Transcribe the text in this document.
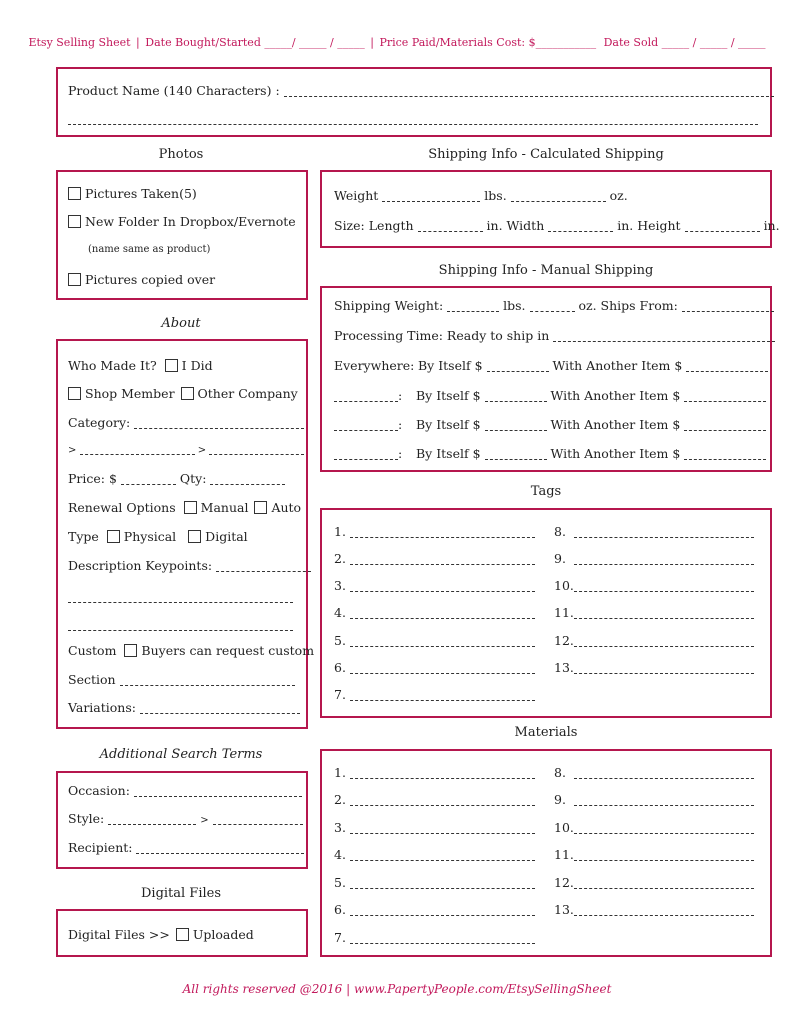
Etsy Selling Sheet | Date Bought/Started _____/ _____ / _____ | Price Paid/Materials Cost: $___________ Date Sold _____ / _____ / _____
Product Name (140 Characters) :
Photos
Pictures Taken(5)
New Folder In Dropbox/Evernote
(name same as product)
Pictures copied over
About
Who Made It? I Did
Shop Member Other Company
Category:
>	>
Price: $	Qty:
Renewal Options Manual Auto
Type Physical Digital
Description Keypoints:
Custom Buyers can request custom
Section
Variations:
Additional Search Terms
Occasion:
Style:	>
Recipient:
Digital Files
Digital Files >> Uploaded
Shipping Info - Calculated Shipping
Weight	lbs.	oz.
Size: Length	in. Width	in. Height	in.
Shipping Info - Manual Shipping
Shipping Weight:	lbs.	oz. Ships From:
Processing Time: Ready to ship in
Everywhere: By Itself $	With Another Item $
: By Itself $	With Another Item $
: By Itself $	With Another Item $
: By Itself $	With Another Item $
Tags
1.
2.
3.
4.
5.
6.
7.
8.
9.
10.
11.
12.
13.
Materials
1.
2.
3.
4.
5.
6.
7.
8.
9.
10.
11.
12.
13.
All rights reserved @2016 | www.PapertyPeople.com/EtsySellingSheet
